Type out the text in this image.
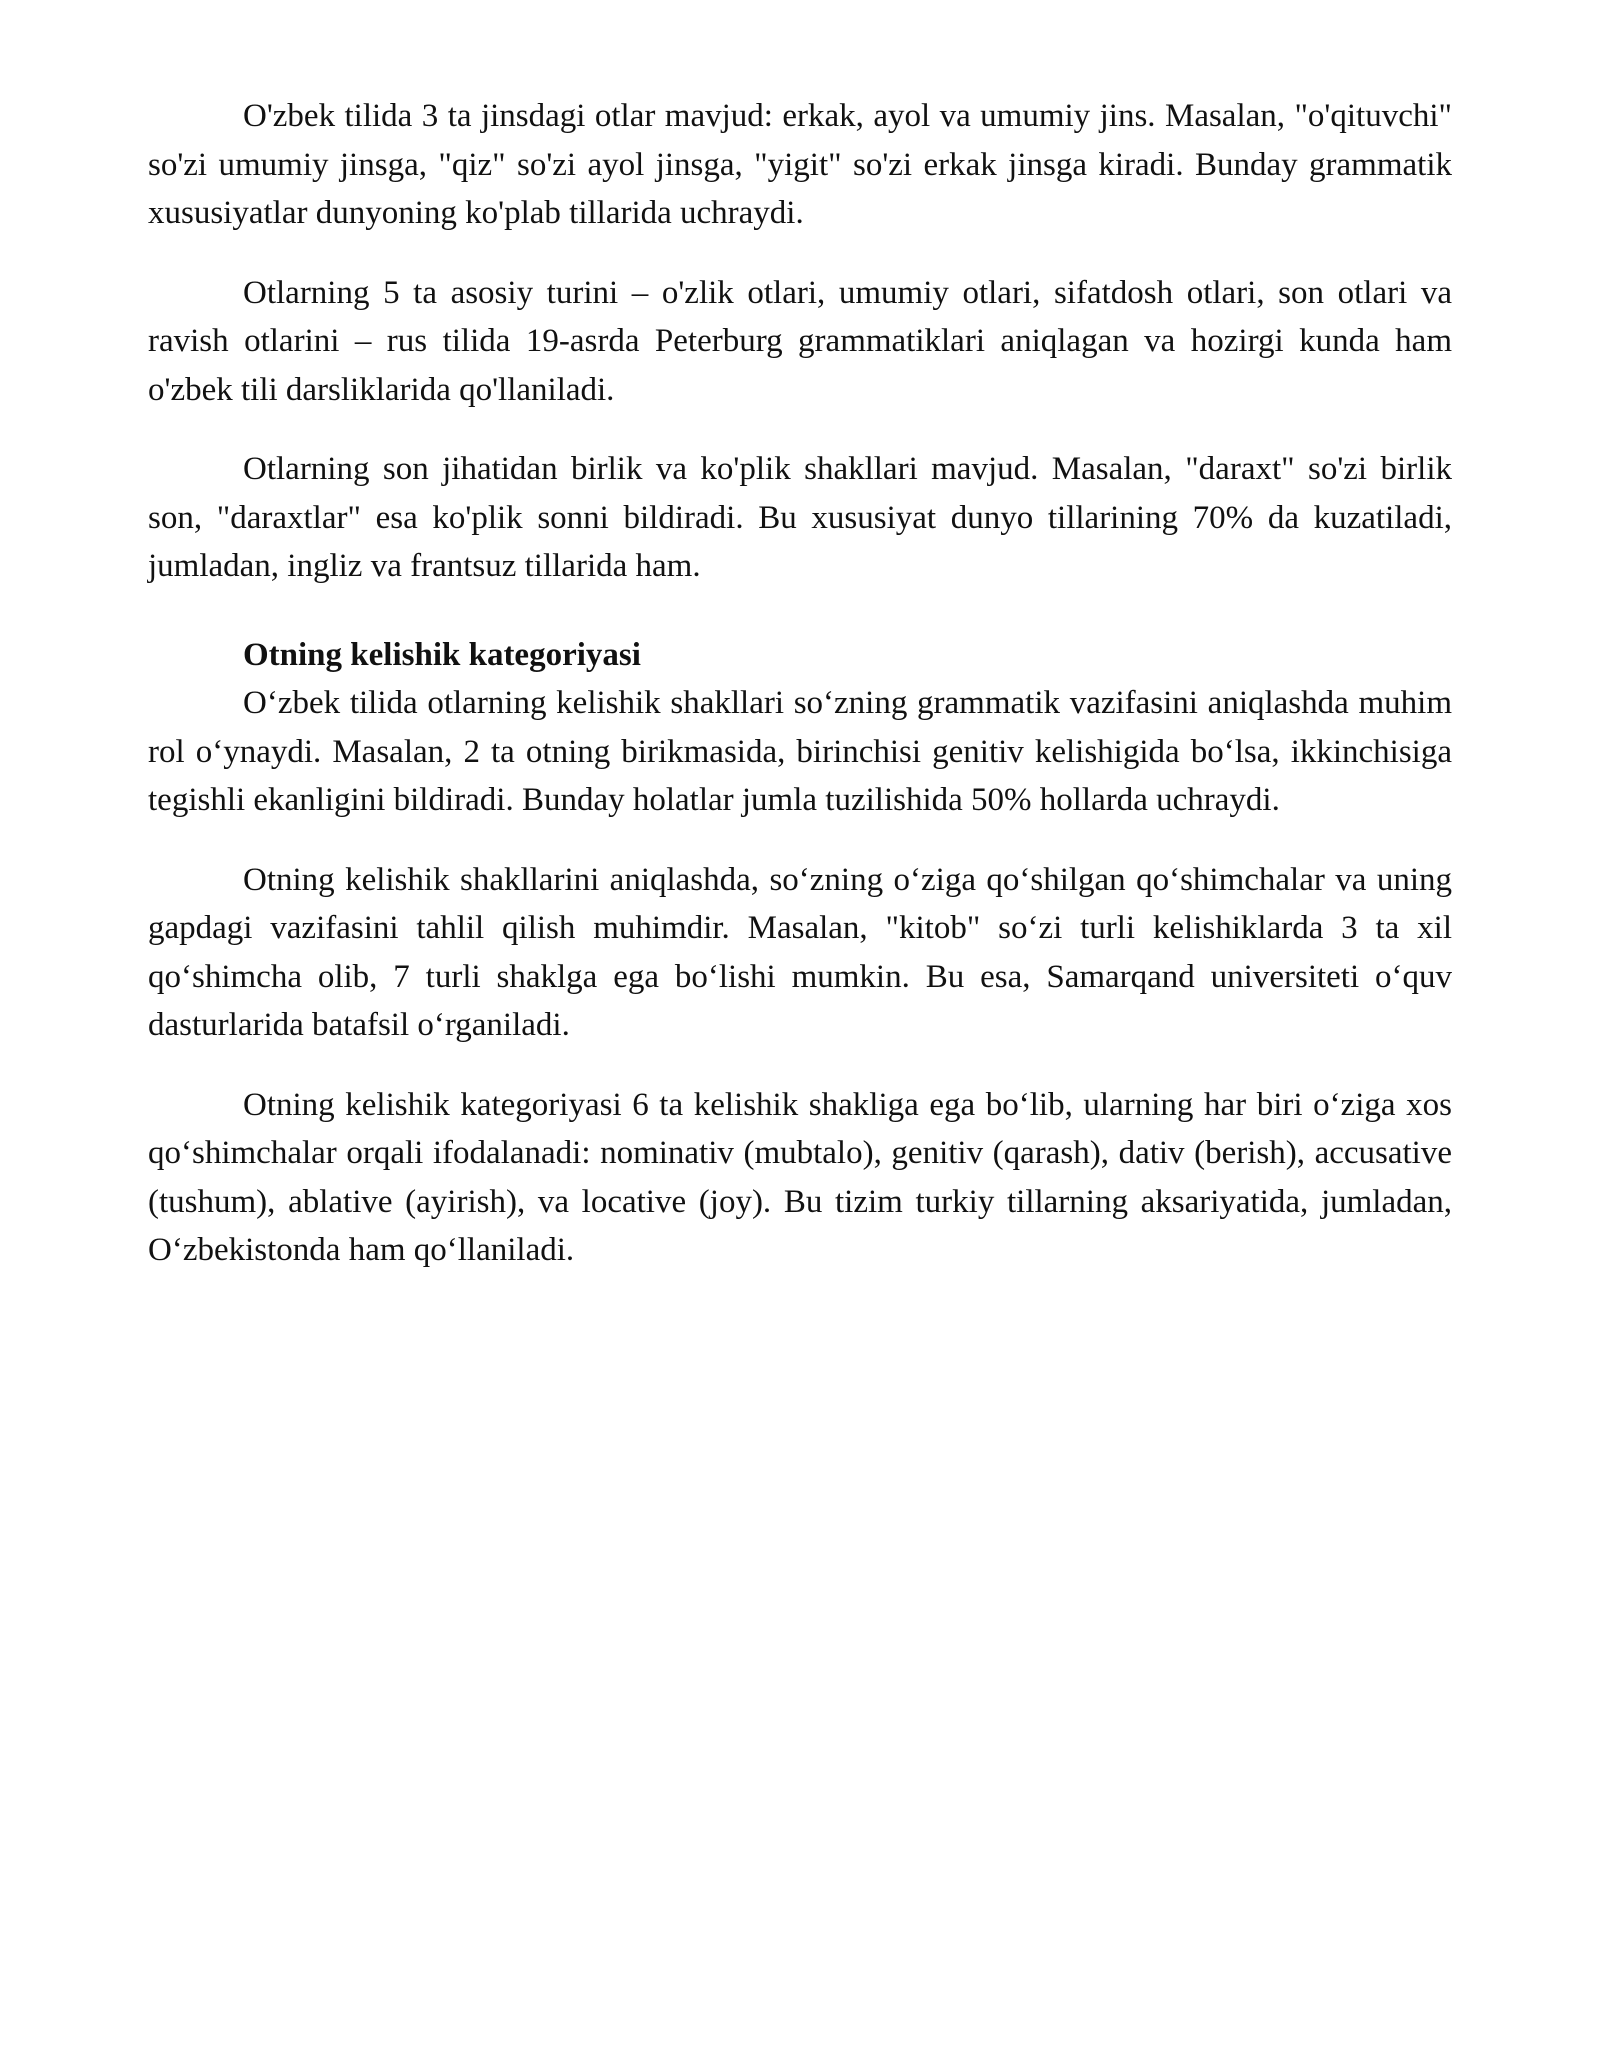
O'zbek tilida 3 ta jinsdagi otlar mavjud: erkak, ayol va umumiy jins. Masalan, "o'qituvchi" so'zi umumiy jinsga, "qiz" so'zi ayol jinsga, "yigit" so'zi erkak jinsga kiradi. Bunday grammatik xususiyatlar dunyoning ko'plab tillarida uchraydi.

Otlarning 5 ta asosiy turini – o'zlik otlari, umumiy otlari, sifatdosh otlari, son otlari va ravish otlarini – rus tilida 19-asrda Peterburg grammatiklari aniqlagan va hozirgi kunda ham o'zbek tili darsliklarida qo'llaniladi.

Otlarning son jihatidan birlik va ko'plik shakllari mavjud. Masalan, "daraxt" so'zi birlik son, "daraxtlar" esa ko'plik sonni bildiradi. Bu xususiyat dunyo tillarining 70% da kuzatiladi, jumladan, ingliz va frantsuz tillarida ham.

Otning kelishik kategoriyasi

O‘zbek tilida otlarning kelishik shakllari so‘zning grammatik vazifasini aniqlashda muhim rol o‘ynaydi. Masalan, 2 ta otning birikmasida, birinchisi genitiv kelishigida bo‘lsa, ikkinchisiga tegishli ekanligini bildiradi. Bunday holatlar jumla tuzilishida 50% hollarda uchraydi.

Otning kelishik shakllarini aniqlashda, so‘zning o‘ziga qo‘shilgan qo‘shimchalar va uning gapdagi vazifasini tahlil qilish muhimdir. Masalan, "kitob" so‘zi turli kelishiklarda 3 ta xil qo‘shimcha olib, 7 turli shaklga ega bo‘lishi mumkin. Bu esa, Samarqand universiteti o‘quv dasturlarida batafsil o‘rganiladi.

Otning kelishik kategoriyasi 6 ta kelishik shakliga ega bo‘lib, ularning har biri o‘ziga xos qo‘shimchalar orqali ifodalanadi: nominativ (mubtalo), genitiv (qarash), dativ (berish), accusative (tushum), ablative (ayirish), va locative (joy). Bu tizim turkiy tillarning aksariyatida, jumladan, O‘zbekistonda ham qo‘llaniladi.
